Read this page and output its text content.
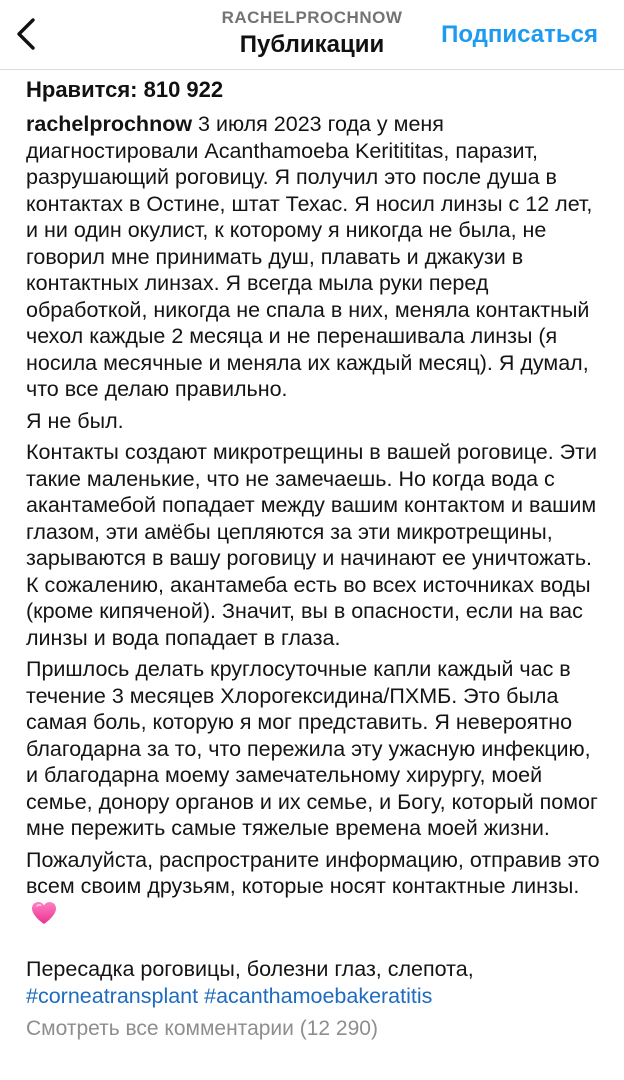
RACHELPROCHNOW
Публикации	Подписаться
Нравится: 810 922

rachelprochnow 3 июля 2023 года у меня диагностировали Acanthamoeba Keritititas, паразит, разрушающий роговицу. Я получил это после душа в контактах в Остине, штат Техас. Я носил линзы с 12 лет, и ни один окулист, к которому я никогда не была, не говорил мне принимать душ, плавать и джакузи в контактных линзах. Я всегда мыла руки перед обработкой, никогда не спала в них, меняла контактный чехол каждые 2 месяца и не перенашивала линзы (я носила месячные и меняла их каждый месяц). Я думал, что все делаю правильно.

Я не был.

Контакты создают микротрещины в вашей роговице. Эти такие маленькие, что не замечаешь. Но когда вода с акантамебой попадает между вашим контактом и вашим глазом, эти амёбы цепляются за эти микротрещины, зарываются в вашу роговицу и начинают ее уничтожать. К сожалению, акантамеба есть во всех источниках воды (кроме кипяченой). Значит, вы в опасности, если на вас линзы и вода попадает в глаза.

Пришлось делать круглосуточные капли каждый час в течение 3 месяцев Хлорогексидина/ПХМБ. Это была самая боль, которую я мог представить. Я невероятно благодарна за то, что пережила эту ужасную инфекцию, и благодарна моему замечательному хирургу, моей семье, донору органов и их семье, и Богу, который помог мне пережить самые тяжелые времена моей жизни.

Пожалуйста, распространите информацию, отправив это всем своим друзьям, которые носят контактные линзы.

Пересадка роговицы, болезни глаз, слепота,
#corneatransplant #acanthamoebakeratitis
Смотреть все комментарии (12 290)
